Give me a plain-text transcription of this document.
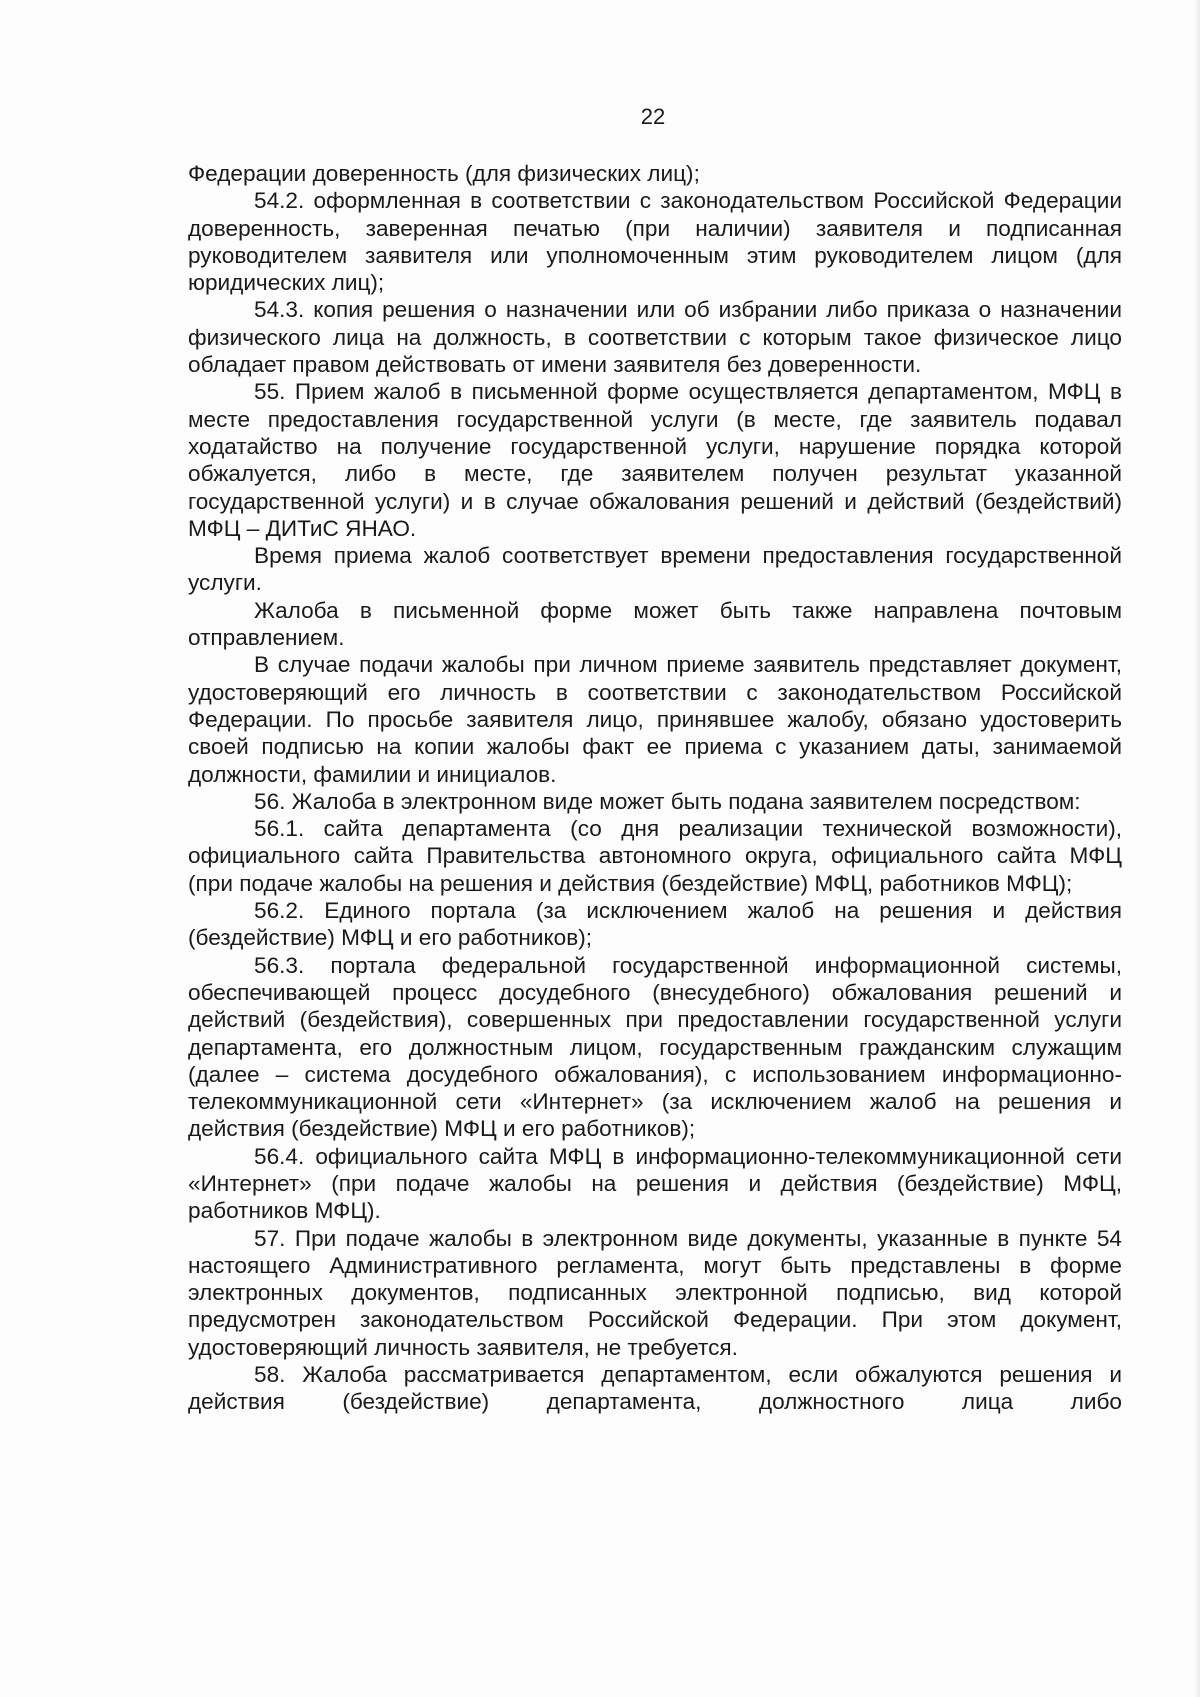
22

Федерации доверенность (для физических лиц);

54.2. оформленная в соответствии с законодательством Российской Федерации доверенность, заверенная печатью (при наличии) заявителя и подписанная руководителем заявителя или уполномоченным этим руководителем лицом (для юридических лиц);

54.3. копия решения о назначении или об избрании либо приказа о назначении физического лица на должность, в соответствии с которым такое физическое лицо обладает правом действовать от имени заявителя без доверенности.

55. Прием жалоб в письменной форме осуществляется департаментом, МФЦ в месте предоставления государственной услуги (в месте, где заявитель подавал ходатайство на получение государственной услуги, нарушение порядка которой обжалуется, либо в месте, где заявителем получен результат указанной государственной услуги) и в случае обжалования решений и действий (бездействий) МФЦ – ДИТиС ЯНАО.

Время приема жалоб соответствует времени предоставления государственной услуги.

Жалоба в письменной форме может быть также направлена почтовым отправлением.

В случае подачи жалобы при личном приеме заявитель представляет документ, удостоверяющий его личность в соответствии с законодательством Российской Федерации. По просьбе заявителя лицо, принявшее жалобу, обязано удостоверить своей подписью на копии жалобы факт ее приема с указанием даты, занимаемой должности, фамилии и инициалов.

56. Жалоба в электронном виде может быть подана заявителем посредством:

56.1. сайта департамента (со дня реализации технической возможности), официального сайта Правительства автономного округа, официального сайта МФЦ (при подаче жалобы на решения и действия (бездействие) МФЦ, работников МФЦ);

56.2. Единого портала (за исключением жалоб на решения и действия (бездействие) МФЦ и его работников);

56.3. портала федеральной государственной информационной системы, обеспечивающей процесс досудебного (внесудебного) обжалования решений и действий (бездействия), совершенных при предоставлении государственной услуги департамента, его должностным лицом, государственным гражданским служащим (далее – система досудебного обжалования), с использованием информационно-телекоммуникационной сети «Интернет» (за исключением жалоб на решения и действия (бездействие) МФЦ и его работников);

56.4. официального сайта МФЦ в информационно-телекоммуникационной сети «Интернет» (при подаче жалобы на решения и действия (бездействие) МФЦ, работников МФЦ).

57. При подаче жалобы в электронном виде документы, указанные в пункте 54 настоящего Административного регламента, могут быть представлены в форме электронных документов, подписанных электронной подписью, вид которой предусмотрен законодательством Российской Федерации. При этом документ, удостоверяющий личность заявителя, не требуется.

58. Жалоба рассматривается департаментом, если обжалуются решения и действия (бездействие) департамента, должностного лица либо
